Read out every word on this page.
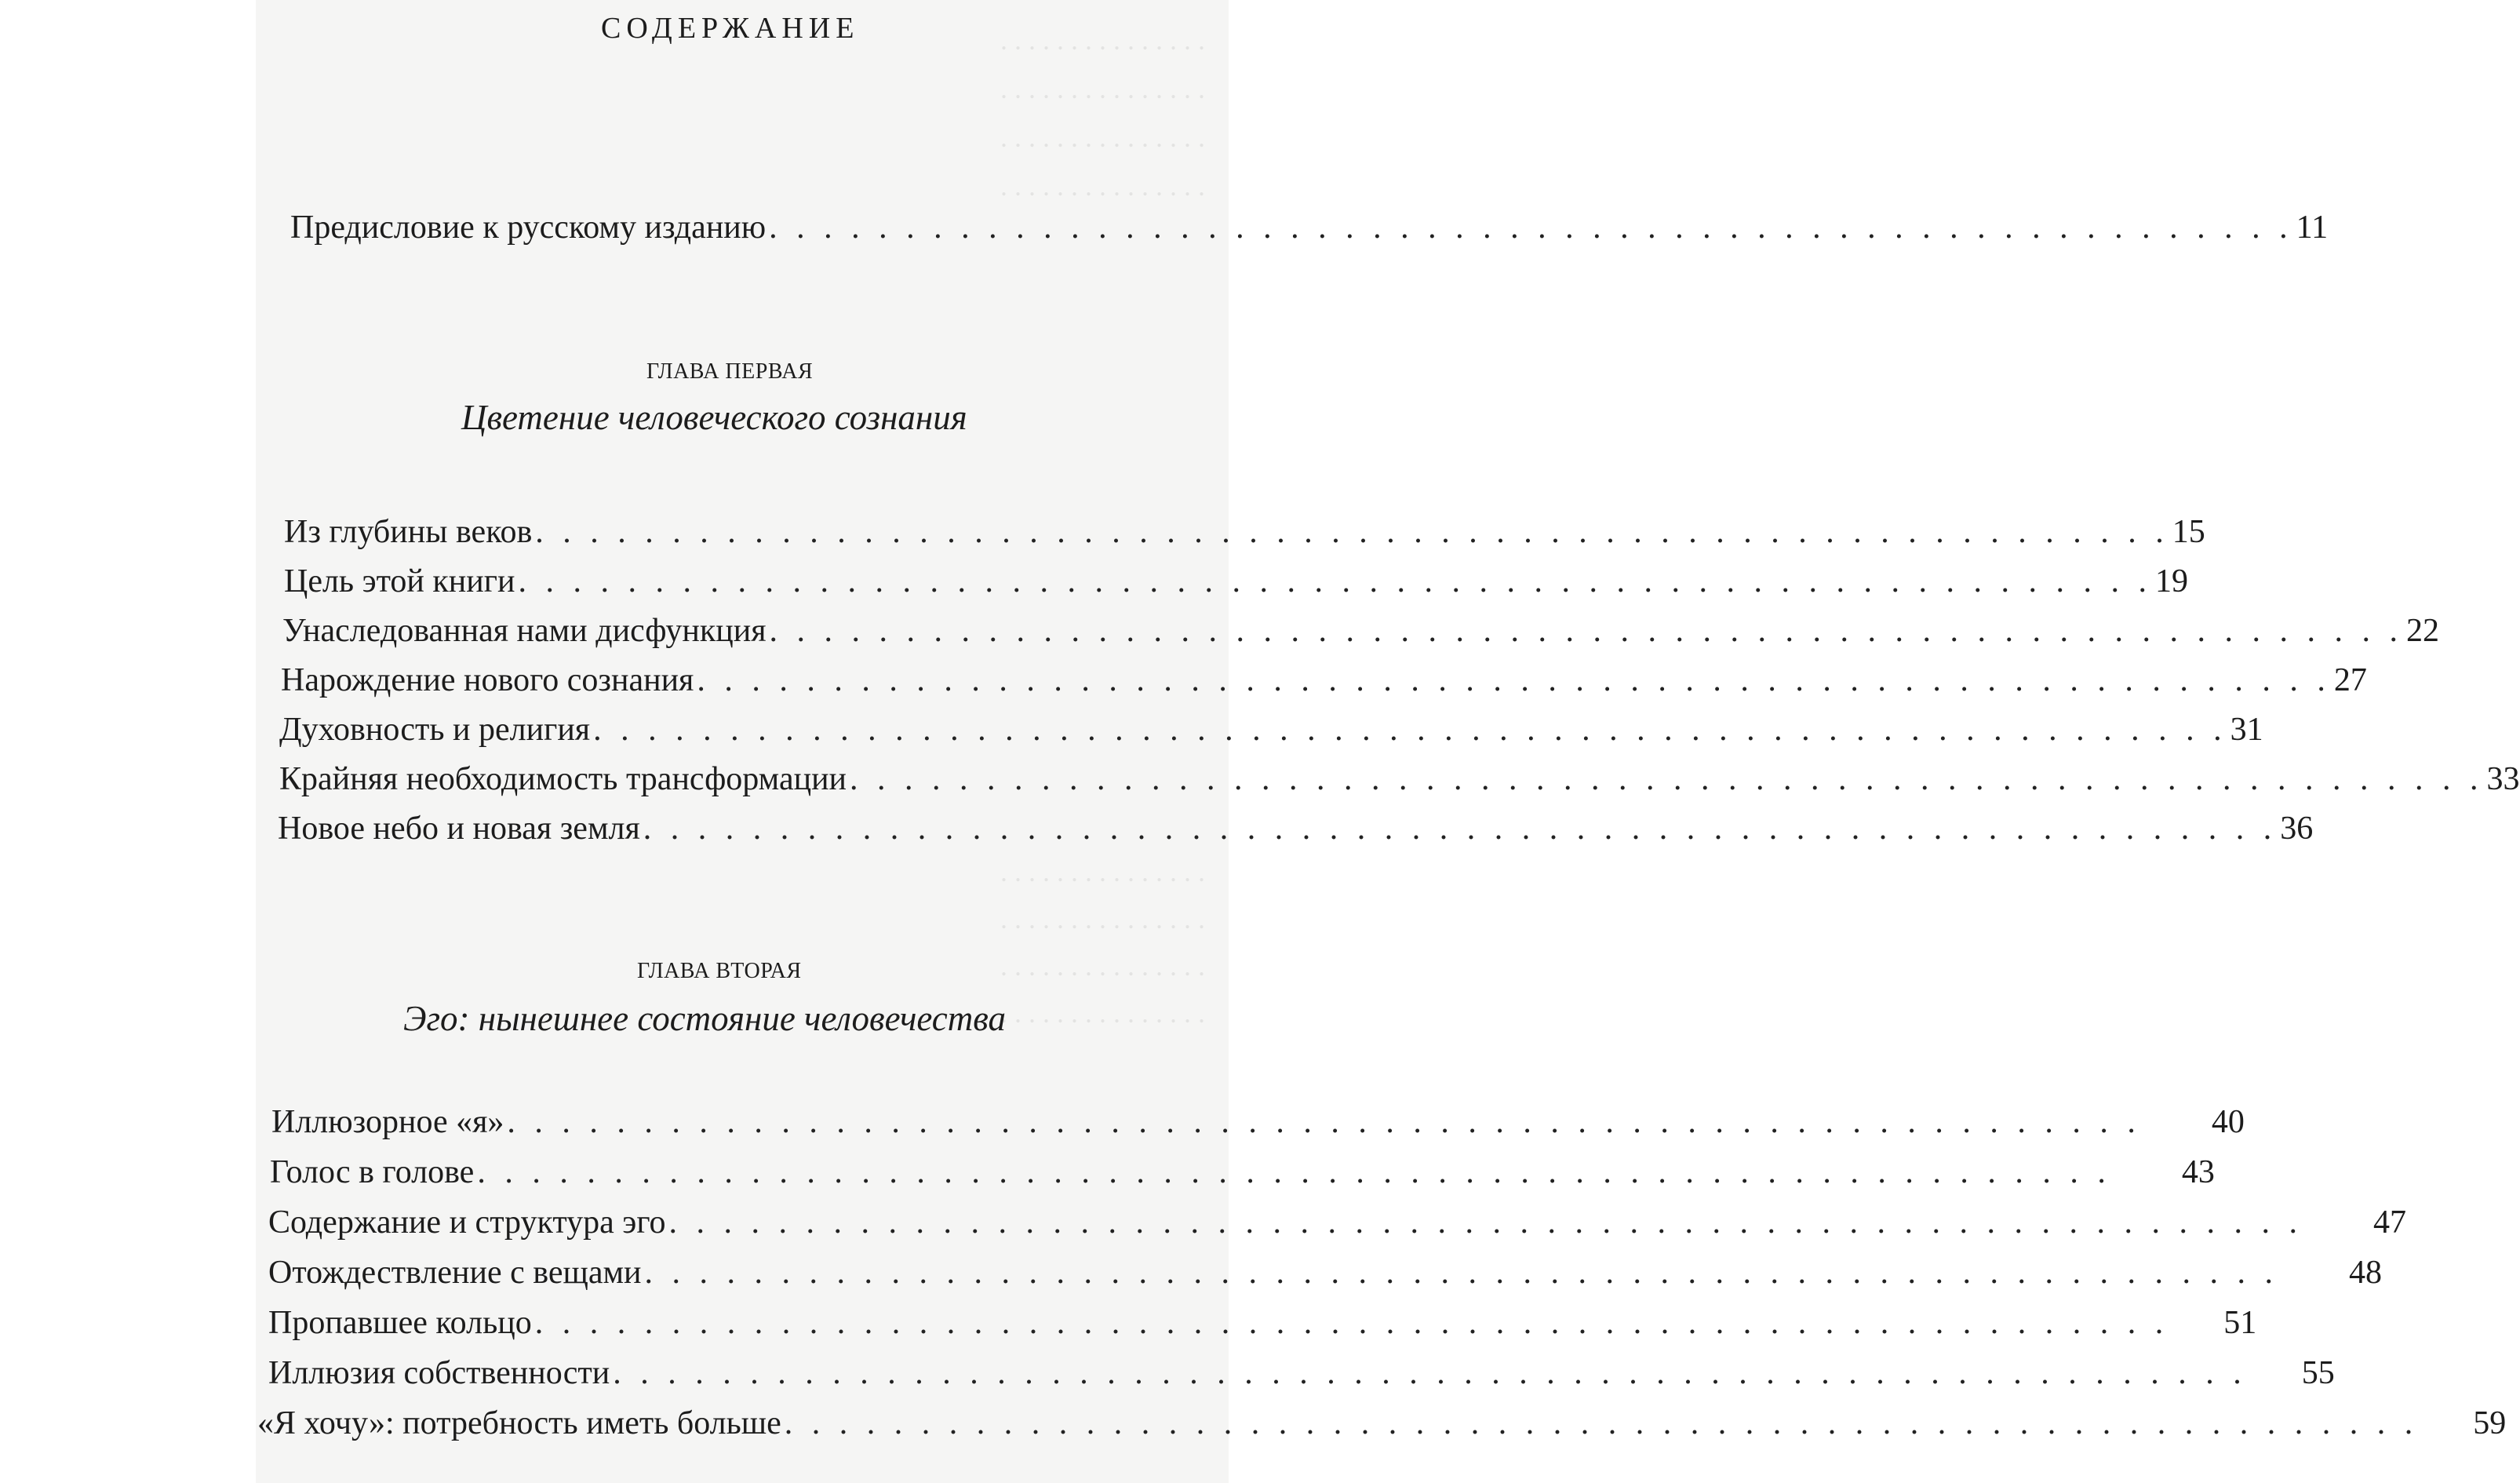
. . . . . . . . . . . . . . .
. . . . . . . . . . . . . . .
. . . . . . . . . . . . . . .
. . . . . . . . . . . . . . .
. . . . . . . . . . . . . . .
. . . . . . . . . . . . . . .
. . . . . . . . . . . . . . .
. . . . . . . . . . . . . . .
СОДЕРЖАНИЕ
Предисловие к русскому изданию . . . . . . . . . . . . . . . . . . . . . . . . . . . . . . . . . . . . . . . . . . . . . . . . . . . . . . . . 11
ГЛАВА ПЕРВАЯ
Цветение человеческого сознания
Из глубины веков . . . . . . . . . . . . . . . . . . . . . . . . . . . . . . . . . . . . . . . . . . . . . . . . . . . . . . . . . . . . 15
Цель этой книги . . . . . . . . . . . . . . . . . . . . . . . . . . . . . . . . . . . . . . . . . . . . . . . . . . . . . . . . . . . . 19
Унаследованная нами дисфункция . . . . . . . . . . . . . . . . . . . . . . . . . . . . . . . . . . . . . . . . . . . . . . . . . . . . . . . . . . . . 22
Нарождение нового сознания . . . . . . . . . . . . . . . . . . . . . . . . . . . . . . . . . . . . . . . . . . . . . . . . . . . . . . . . . . . . 27
Духовность и религия . . . . . . . . . . . . . . . . . . . . . . . . . . . . . . . . . . . . . . . . . . . . . . . . . . . . . . . . . . . . 31
Крайняя необходимость трансформации . . . . . . . . . . . . . . . . . . . . . . . . . . . . . . . . . . . . . . . . . . . . . . . . . . . . . . . . . . . . 33
Новое небо и новая земля . . . . . . . . . . . . . . . . . . . . . . . . . . . . . . . . . . . . . . . . . . . . . . . . . . . . . . . . . . . . 36
ГЛАВА ВТОРАЯ
Эго: нынешнее состояние человечества
Иллюзорное «я» . . . . . . . . . . . . . . . . . . . . . . . . . . . . . . . . . . . . . . . . . . . . . . . . . . . . . . . . . . . . 40
Голос в голове . . . . . . . . . . . . . . . . . . . . . . . . . . . . . . . . . . . . . . . . . . . . . . . . . . . . . . . . . . . . 43
Содержание и структура эго . . . . . . . . . . . . . . . . . . . . . . . . . . . . . . . . . . . . . . . . . . . . . . . . . . . . . . . . . . . . 47
Отождествление с вещами . . . . . . . . . . . . . . . . . . . . . . . . . . . . . . . . . . . . . . . . . . . . . . . . . . . . . . . . . . . . 48
Пропавшее кольцо . . . . . . . . . . . . . . . . . . . . . . . . . . . . . . . . . . . . . . . . . . . . . . . . . . . . . . . . . . . . 51
Иллюзия собственности . . . . . . . . . . . . . . . . . . . . . . . . . . . . . . . . . . . . . . . . . . . . . . . . . . . . . . . . . . . . 55
«Я хочу»: потребность иметь больше . . . . . . . . . . . . . . . . . . . . . . . . . . . . . . . . . . . . . . . . . . . . . . . . . . . . . . . . . . . . 59
